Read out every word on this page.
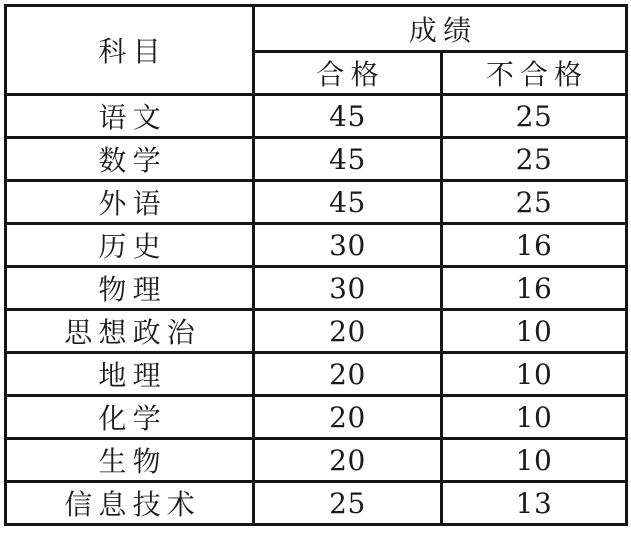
科目	成绩	
	合格	不合格
语文	45	25
数学	45	25
外语	45	25
历史	30	16
物理	30	16
思想政治	20	10
地理	20	10
化学	20	10
生物	20	10
信息技术	25	13
